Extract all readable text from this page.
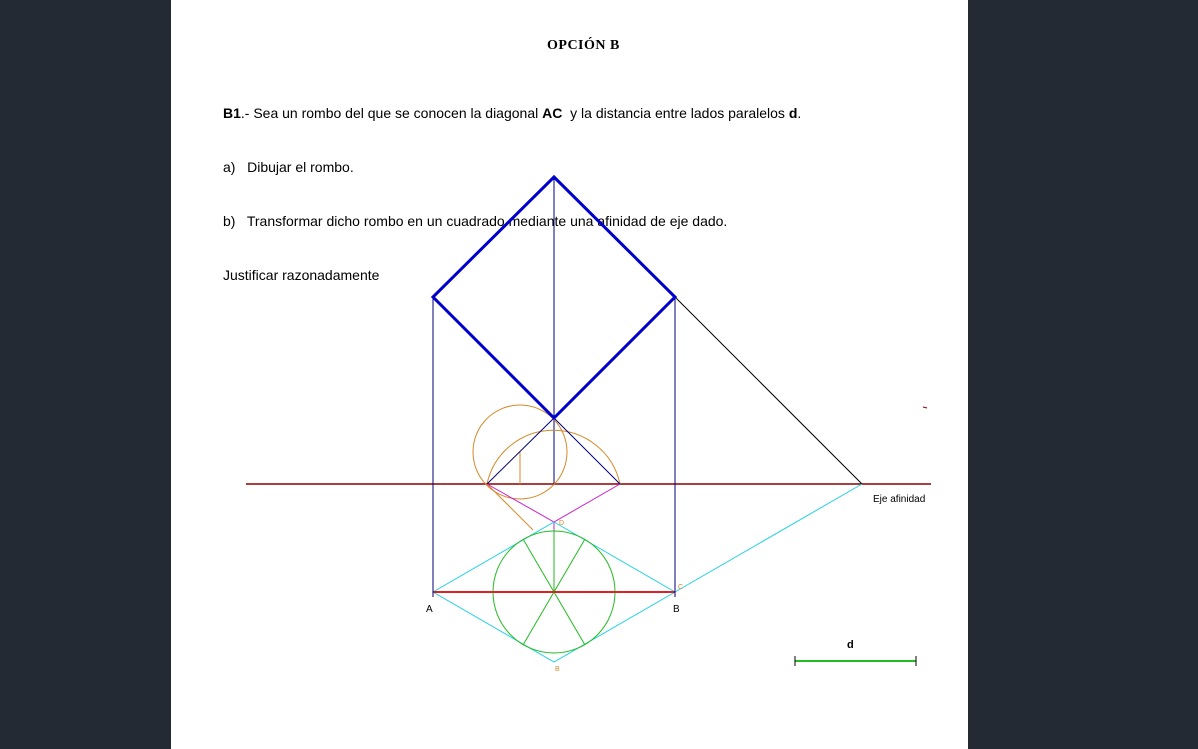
OPCIÓN B

B1.- Sea un rombo del que se conocen la diagonal AC  y la distancia entre lados paralelos d.

a)   Dibujar el rombo.

b)   Transformar dicho rombo en un cuadrado mediante una afinidad de eje dado.

Justificar razonadamente

A	B
C
D
B
Eje afinidad
d
